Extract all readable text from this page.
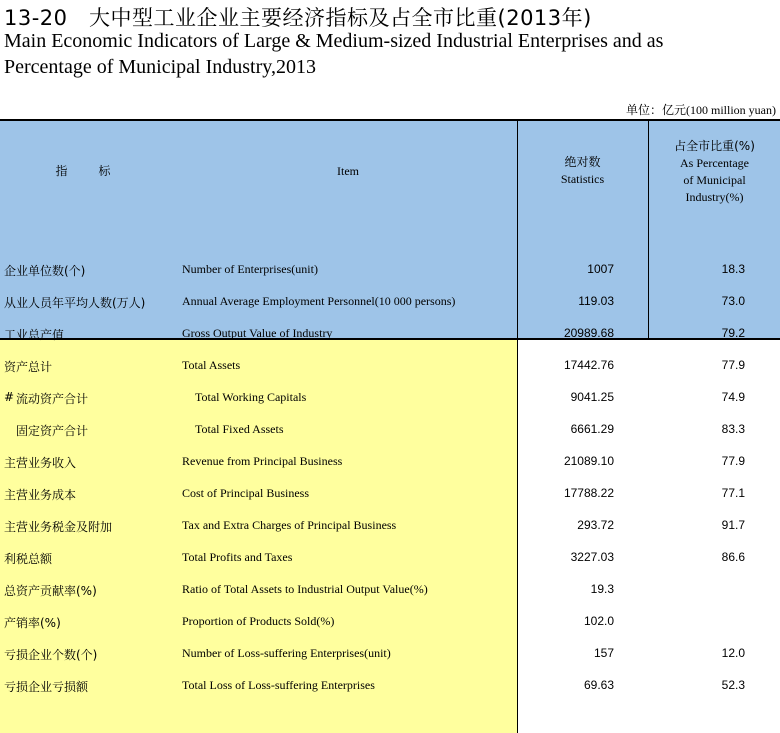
13-20　大中型工业企业主要经济指标及占全市比重(2013年)
Main Economic Indicators of Large & Medium-sized Industrial Enterprises and as
Percentage of Municipal Industry,2013
单位：亿元(100 million yuan)
指 标	Item
绝对数
Statistics
占全市比重(%)
As Percentage
of Municipal
Industry(%)
企业单位数(个)	Number of Enterprises(unit)	1007	18.3
从业人员年平均人数(万人)	Annual Average Employment Personnel(10 000 persons)	119.03	73.0
工业总产值	Gross Output Value of Industry	20989.68	79.2
资产总计	Total Assets	17442.76	77.9
# 流动资产合计	Total Working Capitals	9041.25	74.9
固定资产合计	Total Fixed Assets	6661.29	83.3
主营业务收入	Revenue from Principal Business	21089.10	77.9
主营业务成本	Cost of Principal Business	17788.22	77.1
主营业务税金及附加	Tax and Extra Charges of Principal Business	293.72	91.7
利税总额	Total Profits and Taxes	3227.03	86.6
总资产贡献率(%)	Ratio of Total Assets to Industrial Output Value(%)	19.3
产销率(%)	Proportion of Products Sold(%)	102.0
亏损企业个数(个)	Number of Loss-suffering Enterprises(unit)	157	12.0
亏损企业亏损额	Total Loss of Loss-suffering Enterprises	69.63	52.3
